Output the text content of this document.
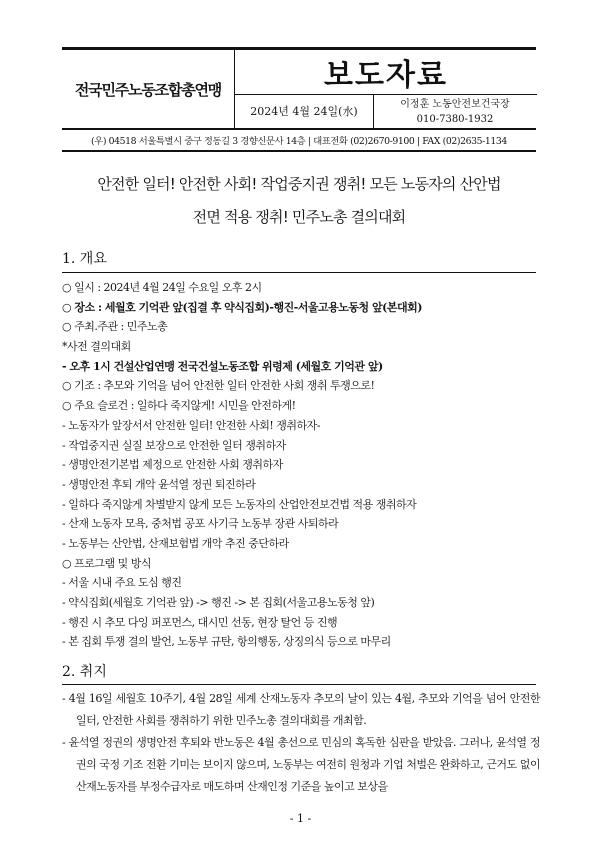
전국민주노동조합총연맹	보도자료
2024년 4월 24일(水)
이정훈 노동안전보건국장
010-7380-1932
(우) 04518 서울특별시 중구 정동길 3 경향신문사 14층 | 대표전화 (02)2670-9100 | FAX (02)2635-1134
안전한 일터! 안전한 사회! 작업중지권 쟁취! 모든 노동자의 산안법
전면 적용 쟁취! 민주노총 결의대회
1. 개요
○ 일시 : 2024년 4월 24일 수요일 오후 2시
○ 장소 : 세월호 기억관 앞(집결 후 약식집회)-행진-서울고용노동청 앞(본대회)
○ 주최.주관 : 민주노총
*사전 결의대회
- 오후 1시 건설산업연맹 전국건설노동조합 위령제 (세월호 기억관 앞)
○ 기조 : 추모와 기억을 넘어 안전한 일터 안전한 사회 쟁취 투쟁으로!
○ 주요 슬로건 : 일하다 죽지않게! 시민을 안전하게!
- 노동자가 앞장서서 안전한 일터! 안전한 사회! 쟁취하자-
- 작업중지권 실질 보장으로 안전한 일터 쟁취하자
- 생명안전기본법 제정으로 안전한 사회 쟁취하자
- 생명안전 후퇴 개악 윤석열 정권 퇴진하라
- 일하다 죽지않게 차별받지 않게 모든 노동자의 산업안전보건법 적용 쟁취하자
- 산재 노동자 모욕, 중처법 공포 사기극 노동부 장관 사퇴하라
- 노동부는 산안법, 산재보험법 개악 추진 중단하라
○ 프로그램 및 방식
- 서울 시내 주요 도심 행진
- 약식집회(세월호 기억관 앞) -> 행진 -> 본 집회(서울고용노동청 앞)
- 행진 시 추모 다잉 퍼포먼스, 대시민 선동, 현장 탈언 등 진행
- 본 집회 투쟁 결의 발언, 노동부 규탄, 항의행동, 상징의식 등으로 마무리
2. 취지
- 4월 16일 세월호 10주기, 4월 28일 세계 산재노동자 추모의 날이 있는 4월, 추모와 기억을 넘어 안전한 일터, 안전한 사회를 쟁취하기 위한 민주노총 결의대회를 개최함.
- 윤석열 정권의 생명안전 후퇴와 반노동은 4월 총선으로 민심의 혹독한 심판을 받았음. 그러나, 윤석열 정권의 국정 기조 전환 기미는 보이지 않으며, 노동부는 여전히 원청과 기업 처벌은 완화하고, 근거도 없이 산재노동자를 부정수급자로 매도하며 산재인정 기준을 높이고 보상을
- 1 -
